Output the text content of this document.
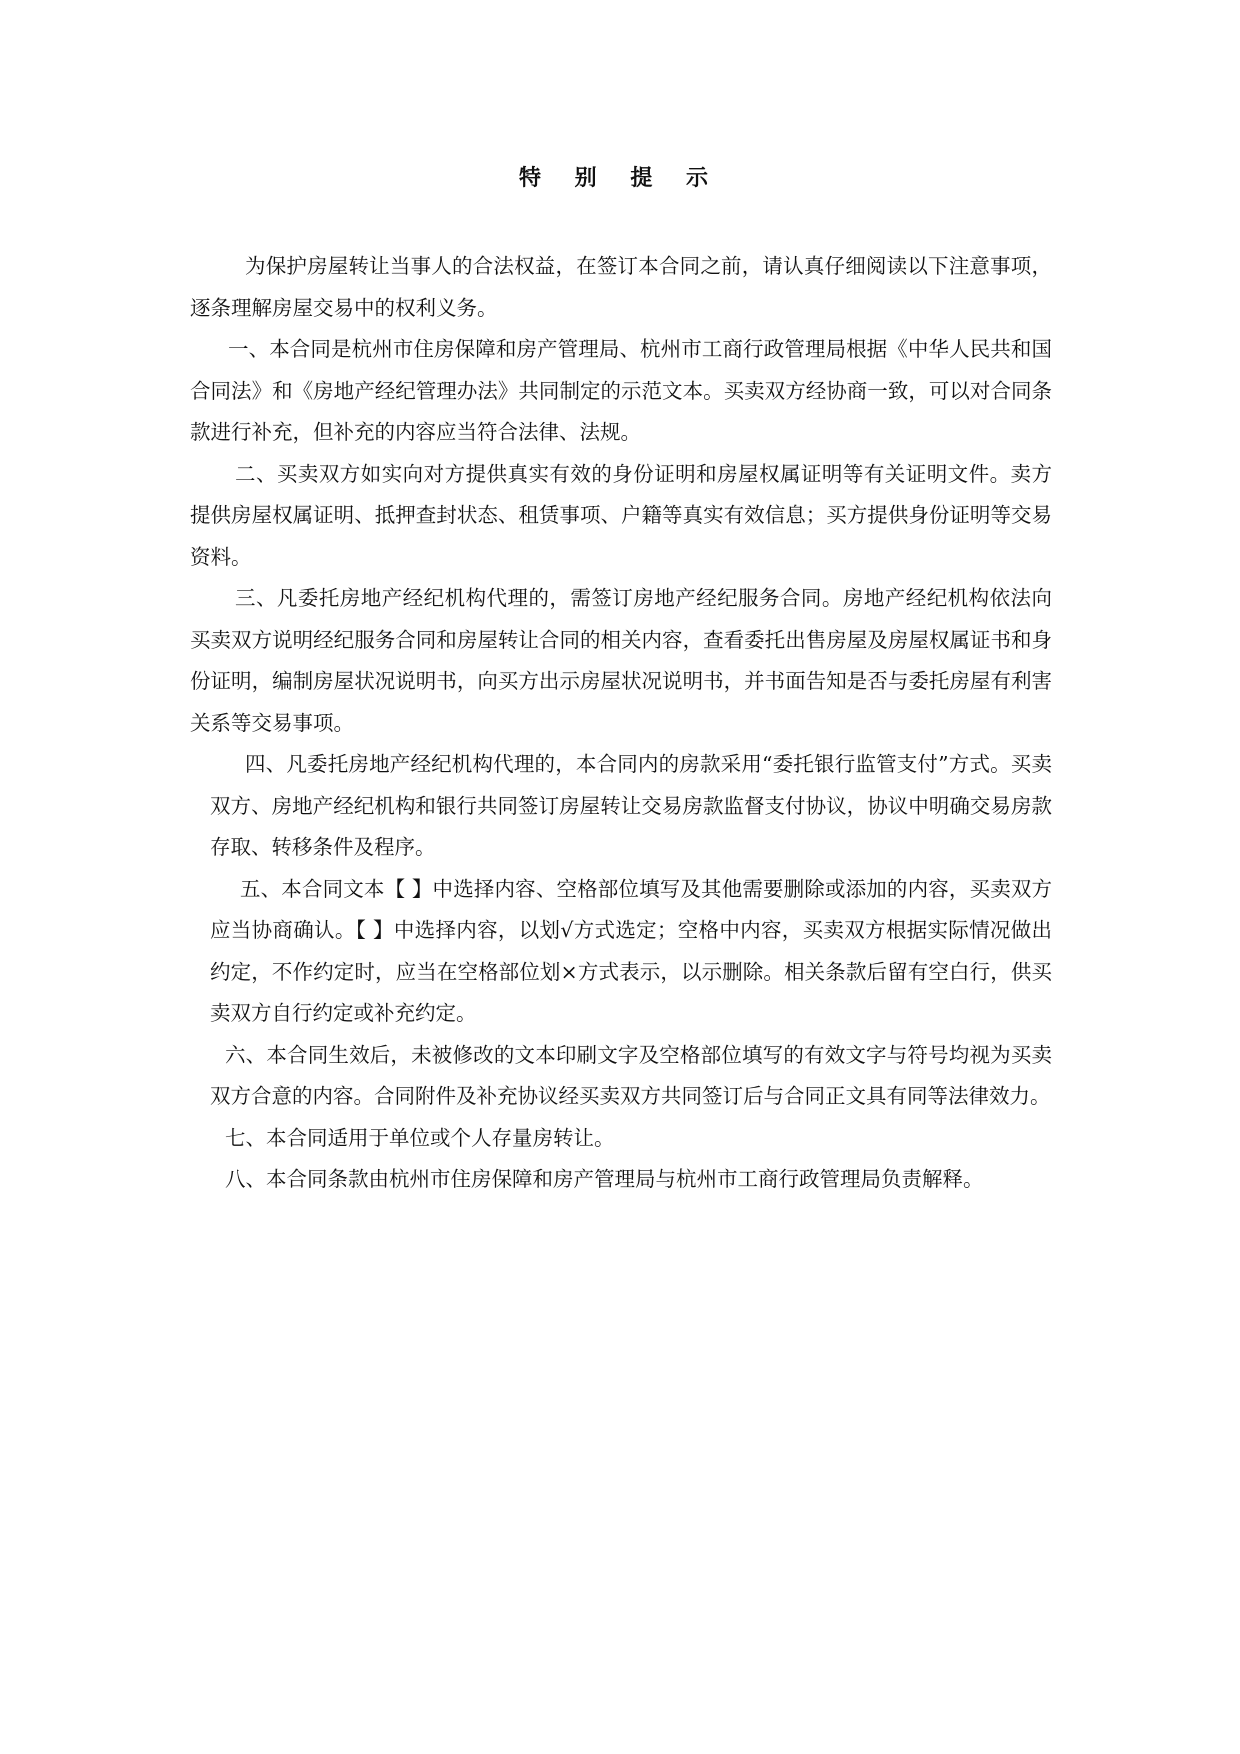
特 别 提 示

为保护房屋转让当事人的合法权益，在签订本合同之前，请认真仔细阅读以下注意事项，逐条理解房屋交易中的权利义务。

一、本合同是杭州市住房保障和房产管理局、杭州市工商行政管理局根据《中华人民共和国合同法》和《房地产经纪管理办法》共同制定的示范文本。买卖双方经协商一致，可以对合同条款进行补充，但补充的内容应当符合法律、法规。

二、买卖双方如实向对方提供真实有效的身份证明和房屋权属证明等有关证明文件。卖方提供房屋权属证明、抵押查封状态、租赁事项、户籍等真实有效信息；买方提供身份证明等交易资料。

三、凡委托房地产经纪机构代理的，需签订房地产经纪服务合同。房地产经纪机构依法向买卖双方说明经纪服务合同和房屋转让合同的相关内容，查看委托出售房屋及房屋权属证书和身份证明，编制房屋状况说明书，向买方出示房屋状况说明书，并书面告知是否与委托房屋有利害关系等交易事项。

四、凡委托房地产经纪机构代理的，本合同内的房款采用“委托银行监管支付”方式。买卖双方、房地产经纪机构和银行共同签订房屋转让交易房款监督支付协议，协议中明确交易房款存取、转移条件及程序。

五、本合同文本【 】中选择内容、空格部位填写及其他需要删除或添加的内容，买卖双方应当协商确认。【 】中选择内容，以划√方式选定；空格中内容，买卖双方根据实际情况做出约定，不作约定时，应当在空格部位划×方式表示，以示删除。相关条款后留有空白行，供买卖双方自行约定或补充约定。

六、本合同生效后，未被修改的文本印刷文字及空格部位填写的有效文字与符号均视为买卖双方合意的内容。合同附件及补充协议经买卖双方共同签订后与合同正文具有同等法律效力。

七、本合同适用于单位或个人存量房转让。

八、本合同条款由杭州市住房保障和房产管理局与杭州市工商行政管理局负责解释。
